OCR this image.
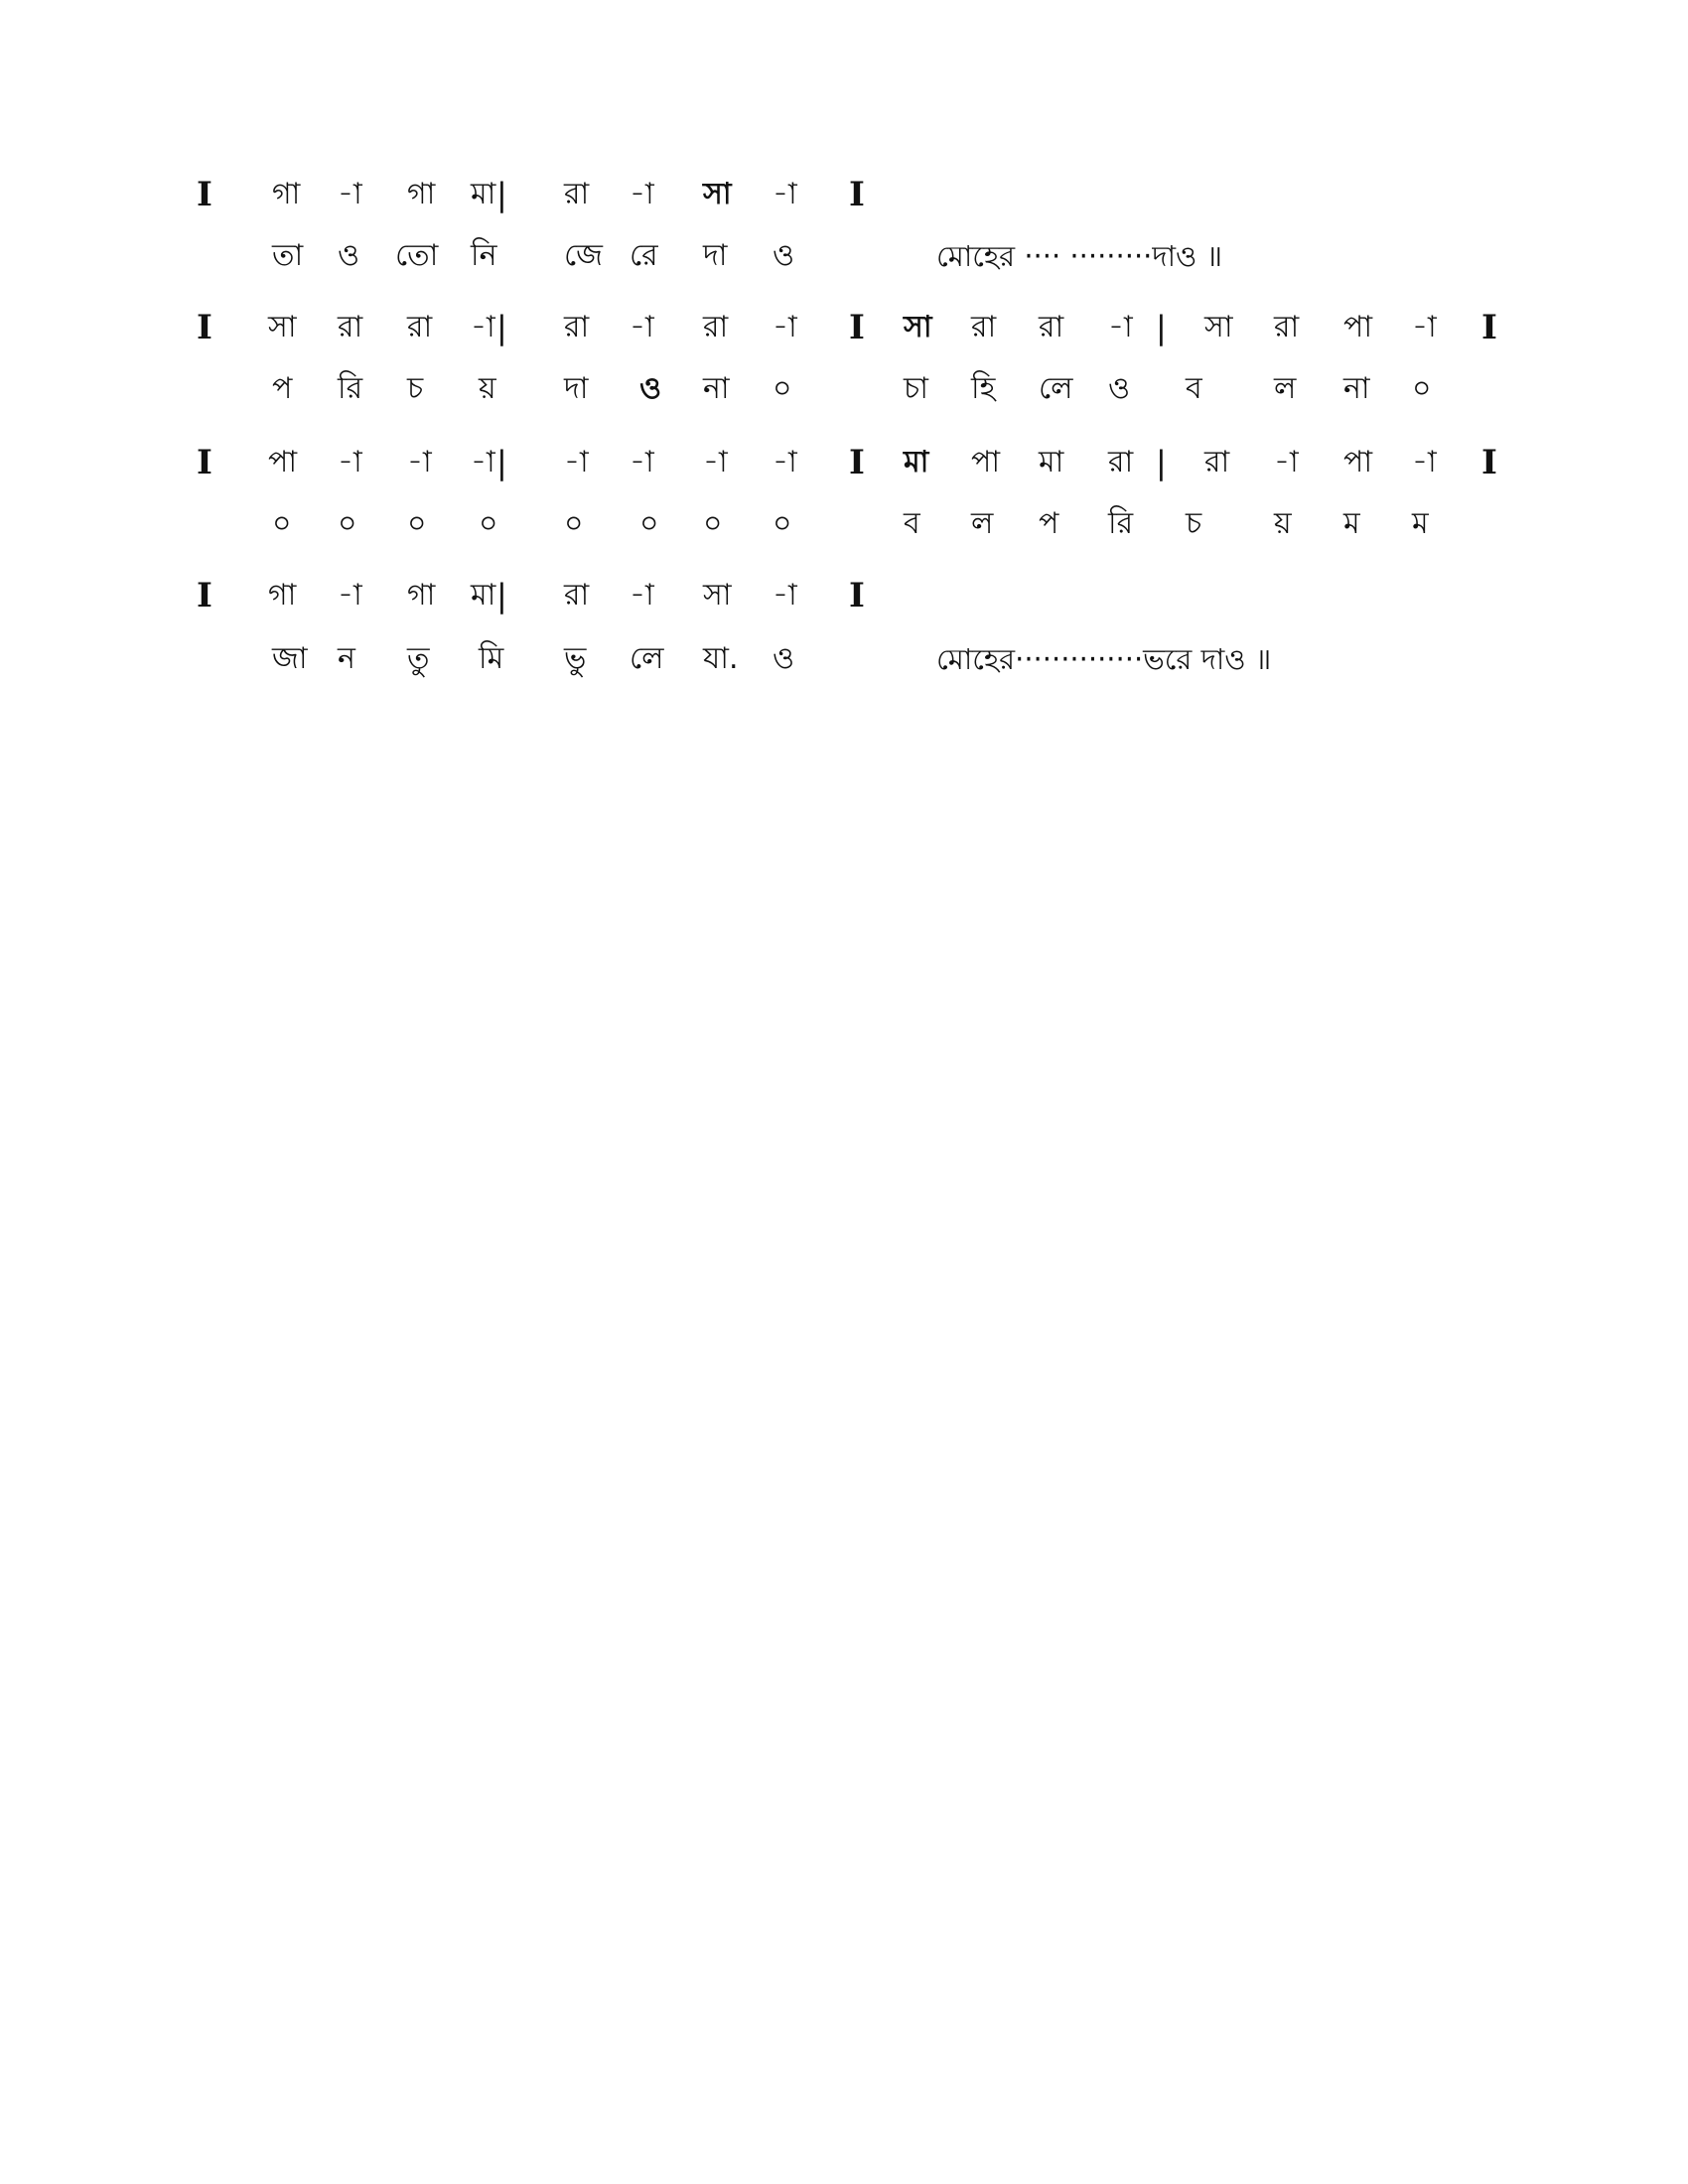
I গা -া গা মা | রা -া সা -া I
তা ও তো নি জে রে দা ও	মোহের ···· ·········দাও ॥
I সা রা রা -া | রা -া রা -া I সা রা রা -া | সা রা পা -া I
প রি চ য় দা ও না ০	চা হি লে ও ব ল না ০
I পা -া -া -া | -া -া -া -া I মা পা মা রা | রা -া পা -া I
০ ০ ০ ০ ০ ০ ০ ০	ব ল প রি চ য় ম ম
I গা -া গা মা | রা -া সা -া I
জা ন তু মি ভু লে যা. ও	মোহের··············ভরে দাও ॥
